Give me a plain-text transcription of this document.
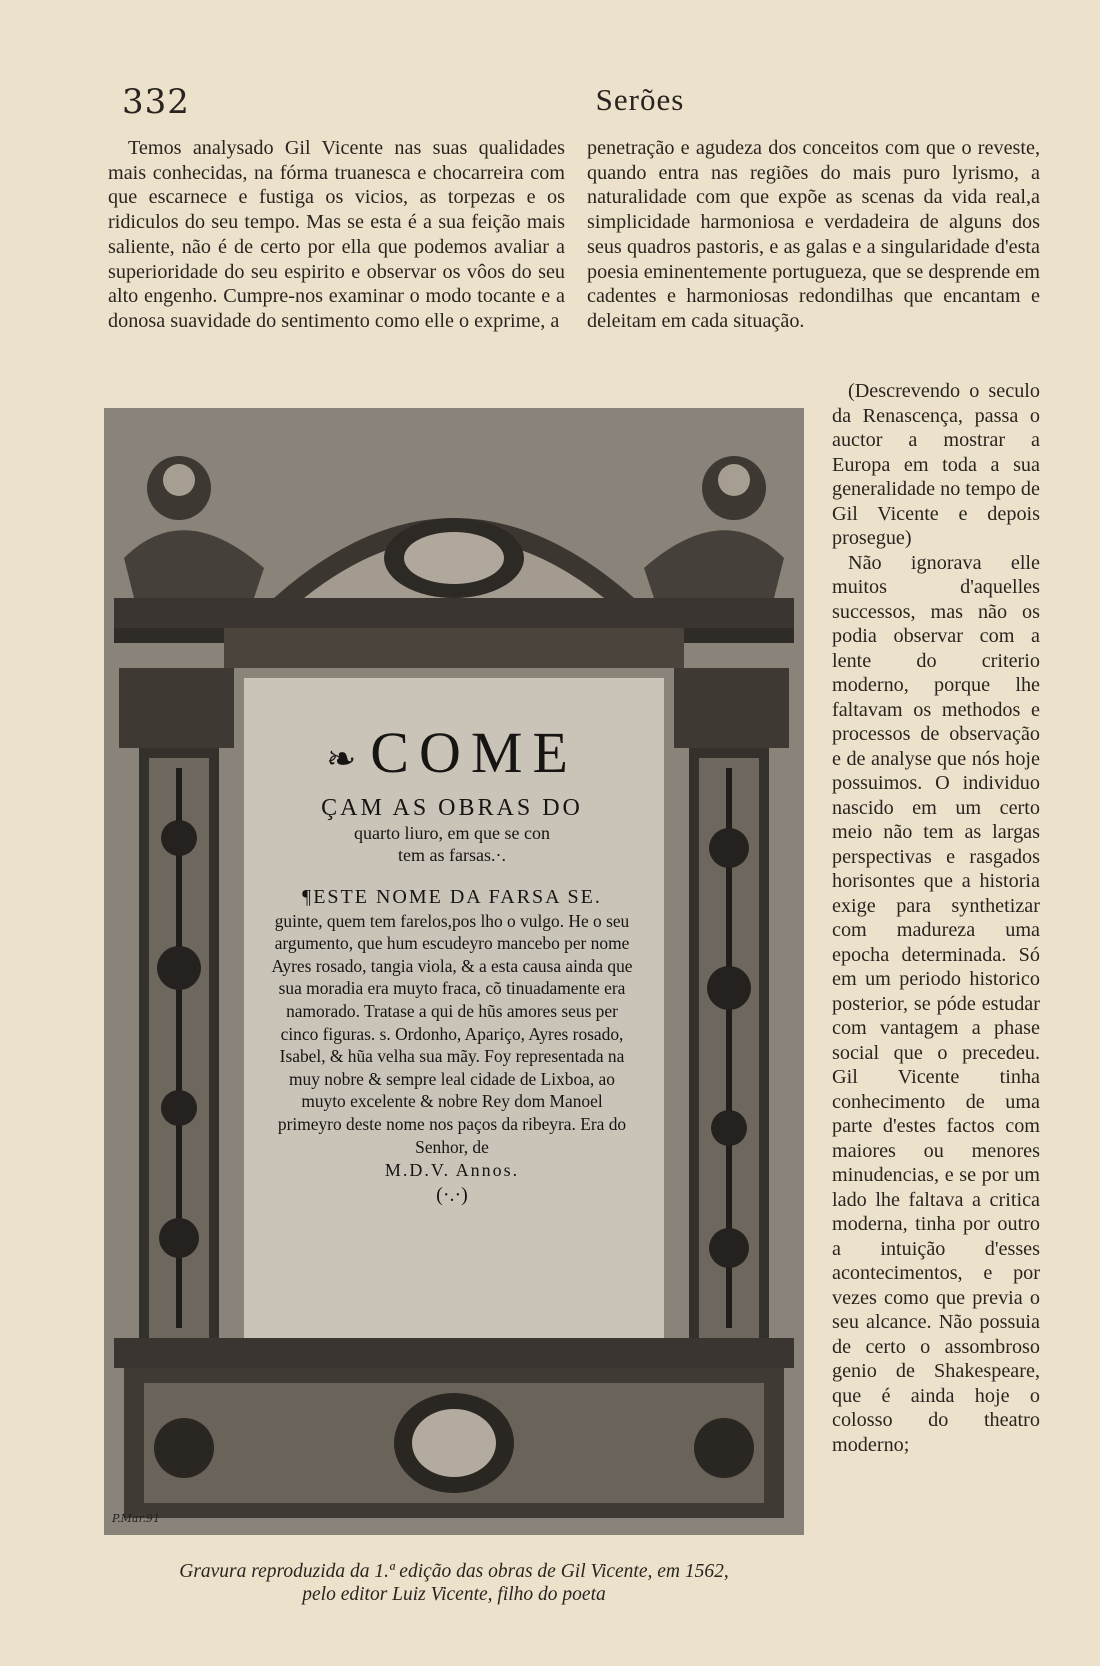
332	Serões

Temos analysado Gil Vicente nas suas qualidades mais conhecidas, na fórma truanesca e chocarreira com que escarnece e fustiga os vicios, as torpezas e os ridiculos do seu tempo. Mas se esta é a sua feição mais saliente, não é de certo por ella que podemos avaliar a superioridade do seu espirito e observar os vôos do seu alto engenho. Cumpre-nos examinar o modo tocante e a donosa suavidade do sentimento como elle o exprime, a

penetração e agudeza dos conceitos com que o reveste, quando entra nas regiões do mais puro lyrismo, a naturalidade com que expõe as scenas da vida real,a simplicidade harmoniosa e verdadeira de alguns dos seus quadros pastoris, e as galas e a singularidade d'esta poesia eminentemente portugueza, que se desprende em cadentes e harmoniosas redondilhas que encantam e deleitam em cada situação.

❧ COME
ÇAM AS OBRAS DO
quarto liuro, em que se con
tem as farsas.·.
¶ESTE NOME DA FARSA SE.
guinte, quem tem farelos,pos lho o vulgo. He o seu argumento, que hum escudeyro mancebo per nome Ayres rosado, tangia viola, & a esta causa ainda que sua moradia era muyto fraca, cõ tinuadamente era namorado. Tratase a qui de hũs amores seus per cinco figuras. s. Ordonho, Apariço, Ayres rosado, Isabel, & hũa velha sua mãy. Foy representada na muy nobre & sempre leal cidade de Lixboa, ao muyto excelente & nobre Rey dom Manoel primeyro deste nome nos paços da ribeyra. Era do Senhor, de
M.D.V. Annos.
(·.·)
P.Mar.91

(Descrevendo o seculo da Renascença, passa o auctor a mostrar a Europa em toda a sua generalidade no tempo de Gil Vicente e depois prosegue)

Não ignorava elle muitos d'aquelles successos, mas não os podia observar com a lente do criterio moderno, porque lhe faltavam os methodos e processos de observação e de analyse que nós hoje possuimos. O individuo nascido em um certo meio não tem as largas perspectivas e rasgados horisontes que a historia exige para synthetizar com madureza uma epocha determinada. Só em um periodo historico posterior, se póde estudar com vantagem a phase social que o precedeu. Gil Vicente tinha conhecimento de uma parte d'estes factos com maiores ou menores minudencias, e se por um lado lhe faltava a critica moderna, tinha por outro a intuição d'esses acontecimentos, e por vezes como que previa o seu alcance. Não possuia de certo o assombroso genio de Shakespeare, que é ainda hoje o colosso do theatro moderno;

Gravura reproduzida da 1.ª edição das obras de Gil Vicente, em 1562,
pelo editor Luiz Vicente, filho do poeta
